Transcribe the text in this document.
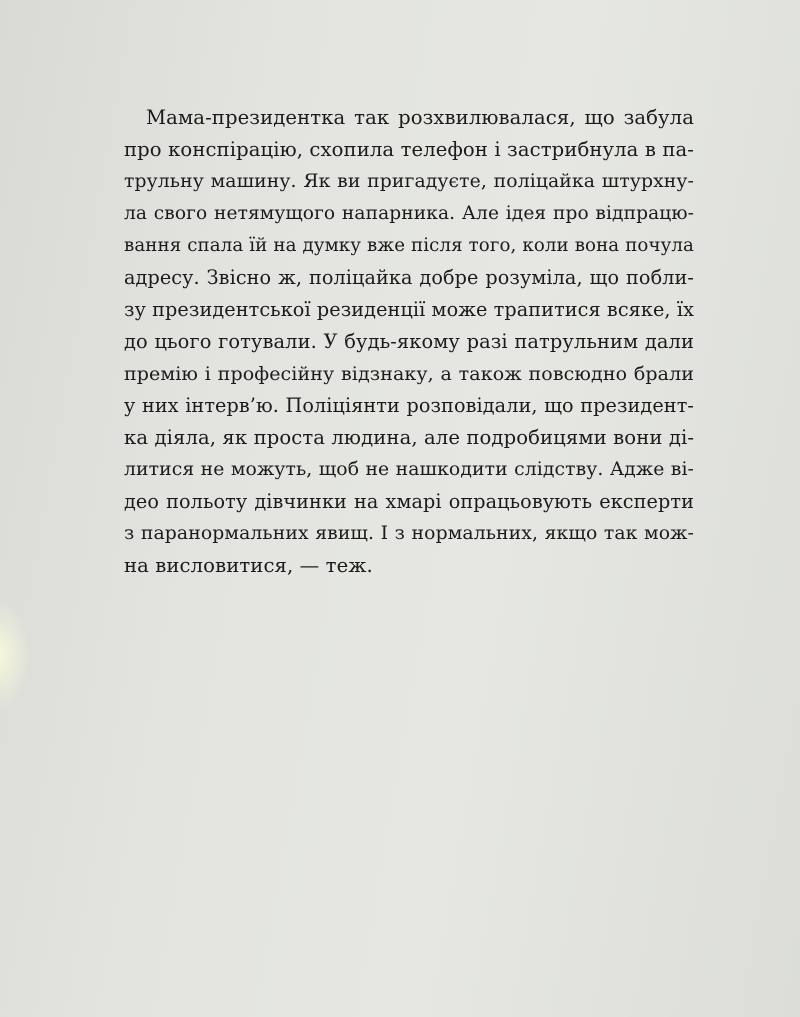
Мама-президентка так розхвилювалася, що забула
про конспірацію, схопила телефон і застрибнула в па-
трульну машину. Як ви пригадуєте, поліцайка штурхну-
ла свого нетямущого напарника. Але ідея про відпрацю-
вання спала їй на думку вже після того, коли вона почула
адресу. Звісно ж, поліцайка добре розуміла, що побли-
зу президентської резиденції може трапитися всяке, їх
до цього готували. У будь-якому разі патрульним дали
премію і професійну відзнаку, а також повсюдно брали
у них інтерв’ю. Поліціянти розповідали, що президент-
ка діяла, як проста людина, але подробицями вони ді-
литися не можуть, щоб не нашкодити слідству. Адже ві-
део польоту дівчинки на хмарі опрацьовують експерти
з паранормальних явищ. І з нормальних, якщо так мож-
на висловитися, — теж.
